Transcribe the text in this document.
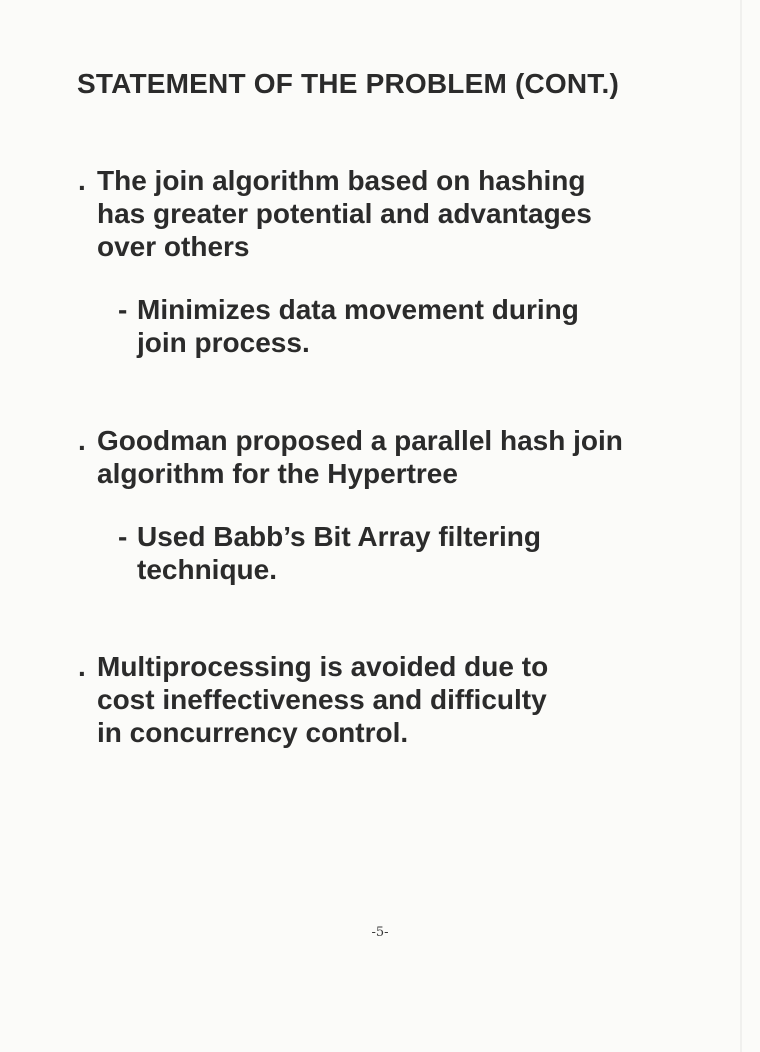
STATEMENT OF THE PROBLEM (CONT.)
. The join algorithm based on hashing
has greater potential and advantages
over others
- Minimizes data movement during
join process.
. Goodman proposed a parallel hash join
algorithm for the Hypertree
- Used Babb’s Bit Array filtering
technique.
. Multiprocessing is avoided due to
cost ineffectiveness and difficulty
in concurrency control.
-5-
